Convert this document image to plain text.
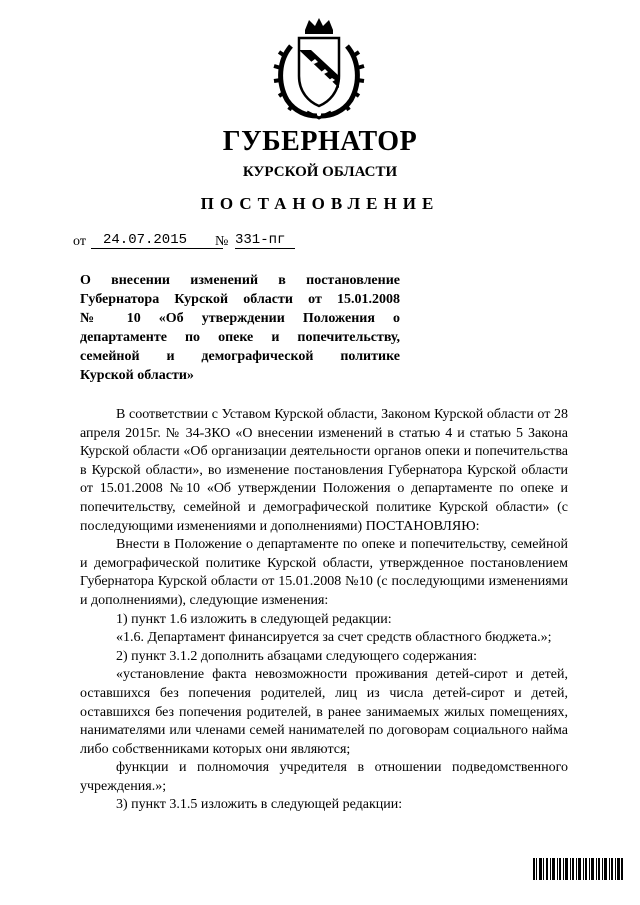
ГУБЕРНАТОР
КУРСКОЙ ОБЛАСТИ
ПОСТАНОВЛЕНИЕ
от	24.07.2015	№ 331-пг
О внесении изменений в постановление
Губернатора Курской области от 15.01.2008
№ 10 «Об утверждении Положения о
департаменте по опеке и попечительству,
семейной и демографической политике
Курской области»

В соответствии с Уставом Курской области, Законом Курской области от 28 апреля 2015г. № 34-ЗКО «О внесении изменений в статью 4 и статью 5 Закона Курской области «Об организации деятельности органов опеки и попечительства в Курской области», во изменение постановления Губернатора Курской области от 15.01.2008 №10 «Об утверждении Положения о департаменте по опеке и попечительству, семейной и демографической политике Курской области» (с последующими изменениями и дополнениями) ПОСТАНОВЛЯЮ:

Внести в Положение о департаменте по опеке и попечительству, семейной и демографической политике Курской области, утвержденное постановлением Губернатора Курской области от 15.01.2008 №10 (с последующими изменениями и дополнениями), следующие изменения:

1) пункт 1.6 изложить в следующей редакции:

«1.6. Департамент финансируется за счет средств областного бюджета.»;

2) пункт 3.1.2 дополнить абзацами следующего содержания:

«установление факта невозможности проживания детей-сирот и детей, оставшихся без попечения родителей, лиц из числа детей-сирот и детей, оставшихся без попечения родителей, в ранее занимаемых жилых помещениях, нанимателями или членами семей нанимателей по договорам социального найма либо собственниками которых они являются;

функции и полномочия учредителя в отношении подведомственного учреждения.»;

3) пункт 3.1.5 изложить в следующей редакции:
